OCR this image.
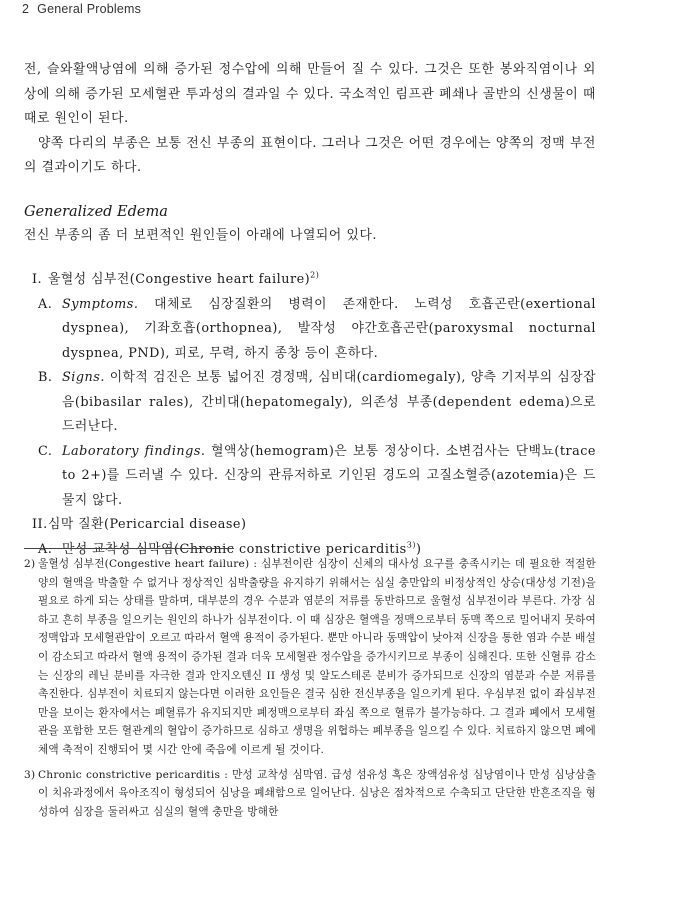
2 General Problems

전, 슬와활액낭염에 의해 증가된 정수압에 의해 만들어 질 수 있다. 그것은 또한 봉와직염이나 외상에 의해 증가된 모세혈관 투과성의 결과일 수 있다. 국소적인 림프관 폐쇄나 골반의 신생물이 때때로 원인이 된다.

양쪽 다리의 부종은 보통 전신 부종의 표현이다. 그러나 그것은 어떤 경우에는 양쪽의 정맥 부전의 결과이기도 하다.

Generalized Edema

전신 부종의 좀 더 보편적인 원인들이 아래에 나열되어 있다.

I. 울혈성 심부전(Congestive heart failure)$^{2)}$
A. Symptoms. 대체로 심장질환의 병력이 존재한다. 노력성 호흡곤란(exertional dyspnea), 기좌호흡(orthopnea), 발작성 야간호흡곤란(paroxysmal nocturnal dyspnea, PND), 피로, 무력, 하지 종창 등이 흔하다.
B. Signs. 이학적 검진은 보통 넓어진 경정맥, 심비대(cardiomegaly), 양측 기저부의 심장잡음(bibasilar rales), 간비대(hepatomegaly), 의존성 부종(dependent edema)으로 드러난다.
C. Laboratory findings. 혈액상(hemogram)은 보통 정상이다. 소변검사는 단백뇨(trace to 2+)를 드러낼 수 있다. 신장의 관류저하로 기인된 경도의 고질소혈증(azotemia)은 드물지 않다.
II.심막 질환(Pericarcial disease)
A. 만성 교착성 심막염(Chronic constrictive pericarditis$^{3)}$)

2) 울혈성 심부전(Congestive heart failure) : 심부전이란 심장이 신체의 대사성 요구를 충족시키는 데 필요한 적절한 양의 혈액을 박출할 수 없거나 정상적인 심박출량을 유지하기 위해서는 심실 충만압의 비정상적인 상승(대상성 기전)을 필요로 하게 되는 상태를 말하며, 대부분의 경우 수분과 염분의 저류를 동반하므로 울혈성 심부전이라 부른다. 가장 심하고 흔히 부종을 일으키는 원인의 하나가 심부전이다. 이 때 심장은 혈액을 정맥으로부터 동맥 쪽으로 밀어내지 못하여 정맥압과 모세혈관압이 오르고 따라서 혈액 용적이 증가된다. 뿐만 아니라 동맥압이 낮아져 신장을 통한 염과 수분 배설이 감소되고 따라서 혈액 용적이 증가된 결과 더욱 모세혈관 정수압을 증가시키므로 부종이 심해진다. 또한 신혈류 감소는 신장의 레닌 분비를 자극한 결과 안지오텐신 II 생성 및 알도스테론 분비가 증가되므로 신장의 염분과 수분 저류를 촉진한다. 심부전이 치료되지 않는다면 이러한 요인들은 결국 심한 전신부종을 일으키게 된다. 우심부전 없이 좌심부전만을 보이는 환자에서는 폐혈류가 유지되지만 폐정맥으로부터 좌심 쪽으로 혈류가 불가능하다. 그 결과 폐에서 모세혈관을 포함한 모든 혈관계의 혈압이 증가하므로 심하고 생명을 위협하는 폐부종을 일으킬 수 있다. 치료하지 않으면 폐에 체액 축적이 진행되어 몇 시간 안에 죽음에 이르게 될 것이다.

3) Chronic constrictive pericarditis : 만성 교착성 심막염. 급성 섬유성 혹은 장액섬유성 심낭염이나 만성 심낭삼출이 치유과정에서 육아조직이 형성되어 심낭을 폐쇄함으로 일어난다. 심낭은 점차적으로 수축되고 단단한 반흔조직을 형성하여 심장을 둘러싸고 심실의 혈액 충만을 방해한
